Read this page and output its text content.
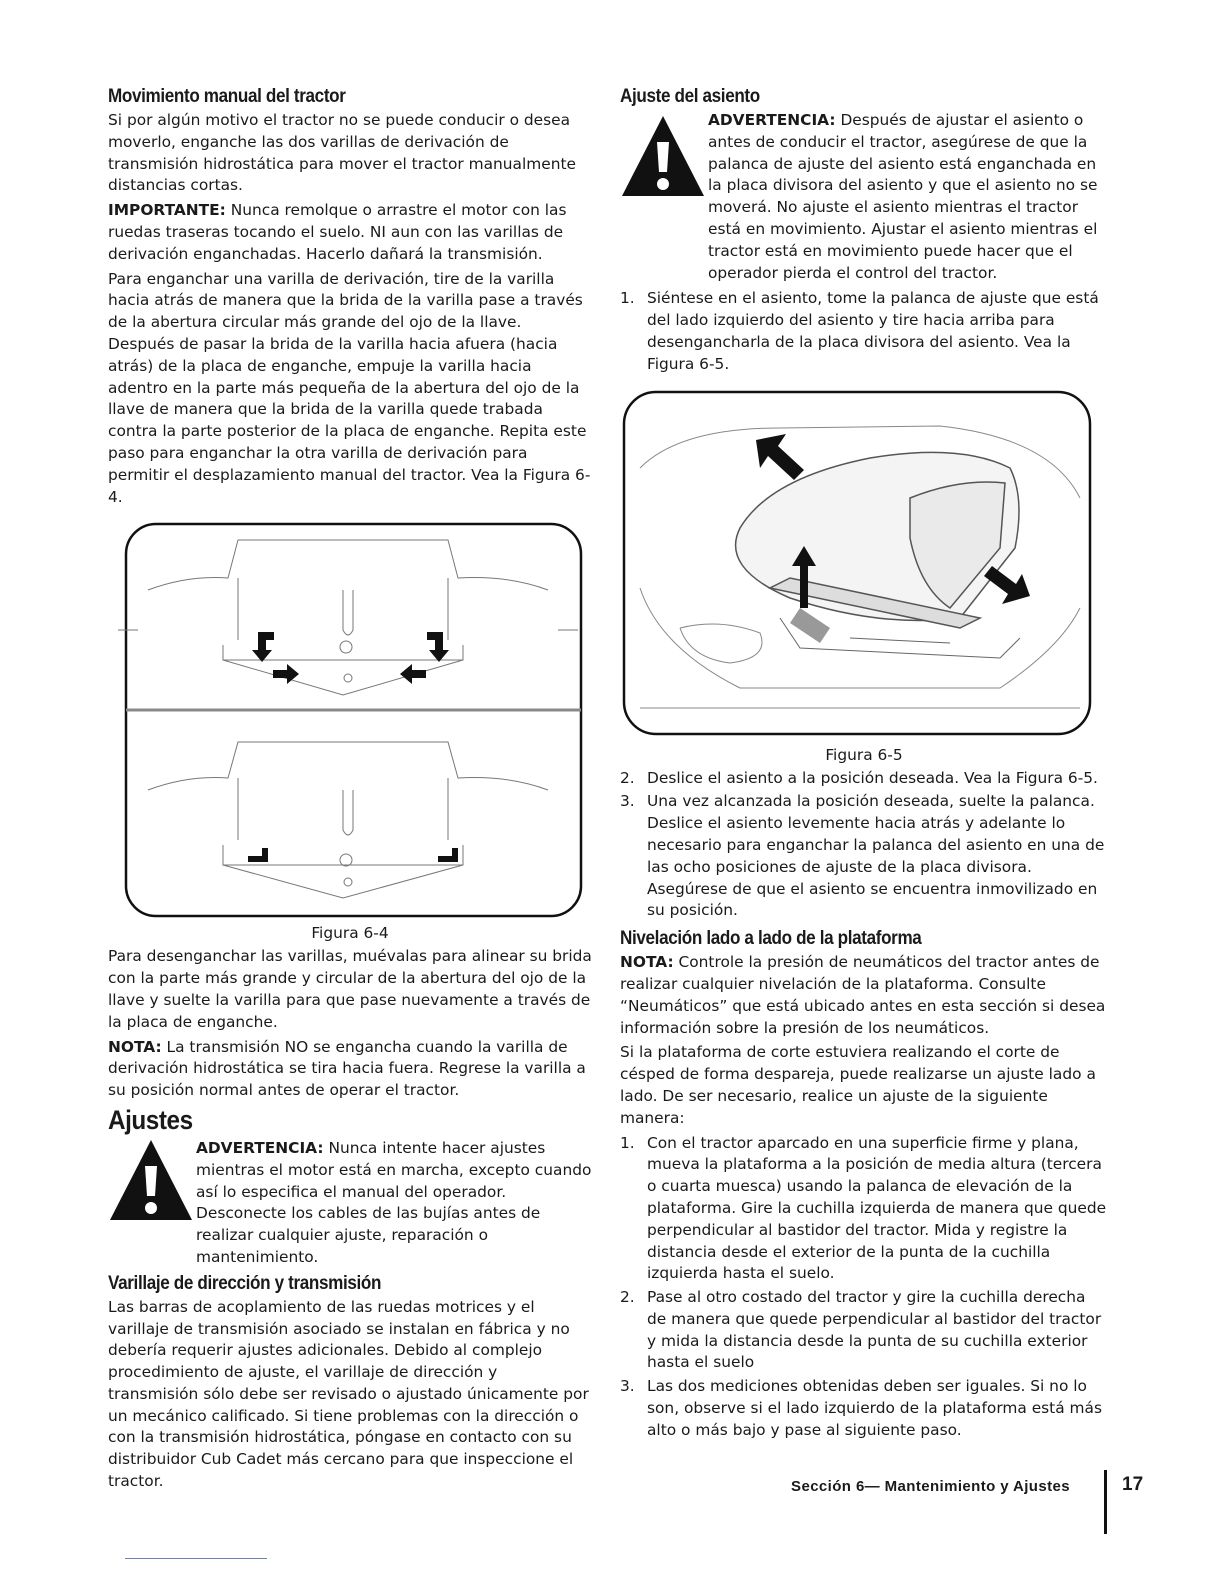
Movimiento manual del tractor

Si por algún motivo el tractor no se puede conducir o desea moverlo, enganche las dos varillas de derivación de transmisión hidrostática para mover el tractor manualmente distancias cortas.

IMPORTANTE: Nunca remolque o arrastre el motor con las ruedas traseras tocando el suelo. NI aun con las varillas de derivación enganchadas. Hacerlo dañará la transmisión.

Para enganchar una varilla de derivación, tire de la varilla hacia atrás de manera que la brida de la varilla pase a través de la abertura circular más grande del ojo de la llave. Después de pasar la brida de la varilla hacia afuera (hacia atrás) de la placa de enganche, empuje la varilla hacia adentro en la parte más pequeña de la abertura del ojo de la llave de manera que la brida de la varilla quede trabada contra la parte posterior de la placa de enganche. Repita este paso para enganchar la otra varilla de derivación para permitir el desplazamiento manual del tractor. Vea la Figura 6-4.

Figura 6-4

Para desenganchar las varillas, muévalas para alinear su brida con la parte más grande y circular de la abertura del ojo de la llave y suelte la varilla para que pase nuevamente a través de la placa de enganche.

NOTA: La transmisión NO se engancha cuando la varilla de derivación hidrostática se tira hacia fuera. Regrese la varilla a su posición normal antes de operar el tractor.

Ajustes

ADVERTENCIA: Nunca intente hacer ajustes mientras el motor está en marcha, excepto cuando así lo especifica el manual del operador. Desconecte los cables de las bujías antes de realizar cualquier ajuste, reparación o mantenimiento.

Varillaje de dirección y transmisión

Las barras de acoplamiento de las ruedas motrices y el varillaje de transmisión asociado se instalan en fábrica y no debería requerir ajustes adicionales. Debido al complejo procedimiento de ajuste, el varillaje de dirección y transmisión sólo debe ser revisado o ajustado únicamente por un mecánico calificado. Si tiene problemas con la dirección o con la transmisión hidrostática, póngase en contacto con su distribuidor Cub Cadet más cercano para que inspeccione el tractor.

Ajuste del asiento

ADVERTENCIA: Después de ajustar el asiento o antes de conducir el tractor, asegúrese de que la palanca de ajuste del asiento está enganchada en la placa divisora del asiento y que el asiento no se moverá. No ajuste el asiento mientras el tractor está en movimiento. Ajustar el asiento mientras el tractor está en movimiento puede hacer que el operador pierda el control del tractor.

1. Siéntese en el asiento, tome la palanca de ajuste que está del lado izquierdo del asiento y tire hacia arriba para desengancharla de la placa divisora del asiento. Vea la Figura 6-5.
Figura 6-5
2. Deslice el asiento a la posición deseada. Vea la Figura 6-5.
3. Una vez alcanzada la posición deseada, suelte la palanca. Deslice el asiento levemente hacia atrás y adelante lo necesario para enganchar la palanca del asiento en una de las ocho posiciones de ajuste de la placa divisora. Asegúrese de que el asiento se encuentra inmovilizado en su posición.
Nivelación lado a lado de la plataforma

NOTA: Controle la presión de neumáticos del tractor antes de realizar cualquier nivelación de la plataforma. Consulte “Neumáticos” que está ubicado antes en esta sección si desea información sobre la presión de los neumáticos.

Si la plataforma de corte estuviera realizando el corte de césped de forma despareja, puede realizarse un ajuste lado a lado. De ser necesario, realice un ajuste de la siguiente manera:

1. Con el tractor aparcado en una superficie firme y plana, mueva la plataforma a la posición de media altura (tercera o cuarta muesca) usando la palanca de elevación de la plataforma. Gire la cuchilla izquierda de manera que quede perpendicular al bastidor del tractor. Mida y registre la distancia desde el exterior de la punta de la cuchilla izquierda hasta el suelo.
2. Pase al otro costado del tractor y gire la cuchilla derecha de manera que quede perpendicular al bastidor del tractor y mida la distancia desde la punta de su cuchilla exterior hasta el suelo
3. Las dos mediciones obtenidas deben ser iguales. Si no lo son, observe si el lado izquierdo de la plataforma está más alto o más bajo y pase al siguiente paso.
Sección 6— Mantenimiento y Ajustes	17
